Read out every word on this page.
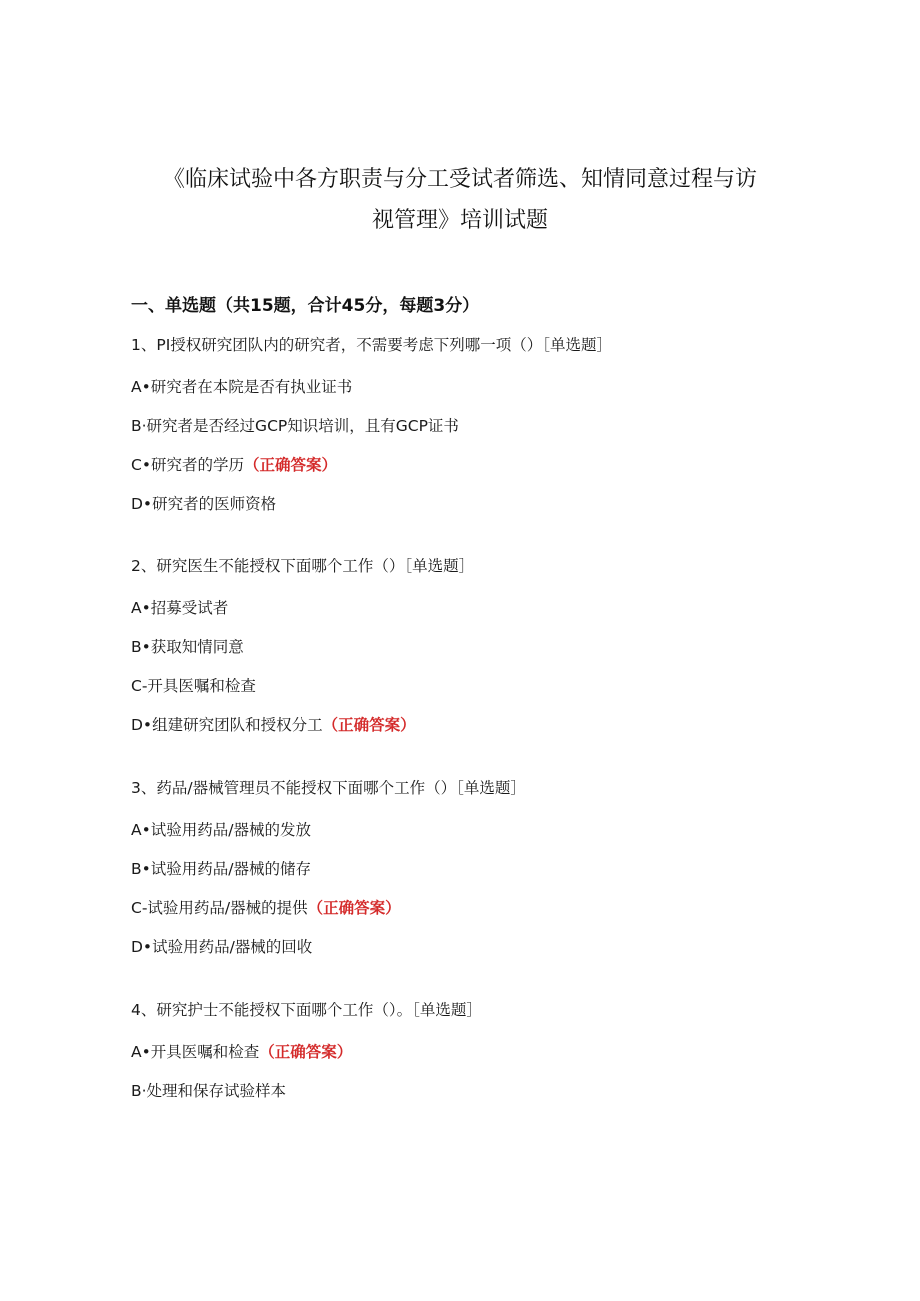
《临床试验中各方职责与分工受试者筛选、知情同意过程与访
视管理》培训试题
一、单选题（共15题，合计45分，每题3分）
1、PI授权研究团队内的研究者，不需要考虑下列哪一项（）［单选题］
A•研究者在本院是否有执业证书
B·研究者是否经过GCP知识培训，且有GCP证书
C•研究者的学历（正确答案）
D•研究者的医师资格
2、研究医生不能授权下面哪个工作（）［单选题］
A•招募受试者
B•获取知情同意
C-开具医嘱和检查
D•组建研究团队和授权分工（正确答案）
3、药品/器械管理员不能授权下面哪个工作（）［单选题］
A•试验用药品/器械的发放
B•试验用药品/器械的储存
C-试验用药品/器械的提供（正确答案）
D•试验用药品/器械的回收
4、研究护士不能授权下面哪个工作（）。［单选题］
A•开具医嘱和检查（正确答案）
B·处理和保存试验样本
